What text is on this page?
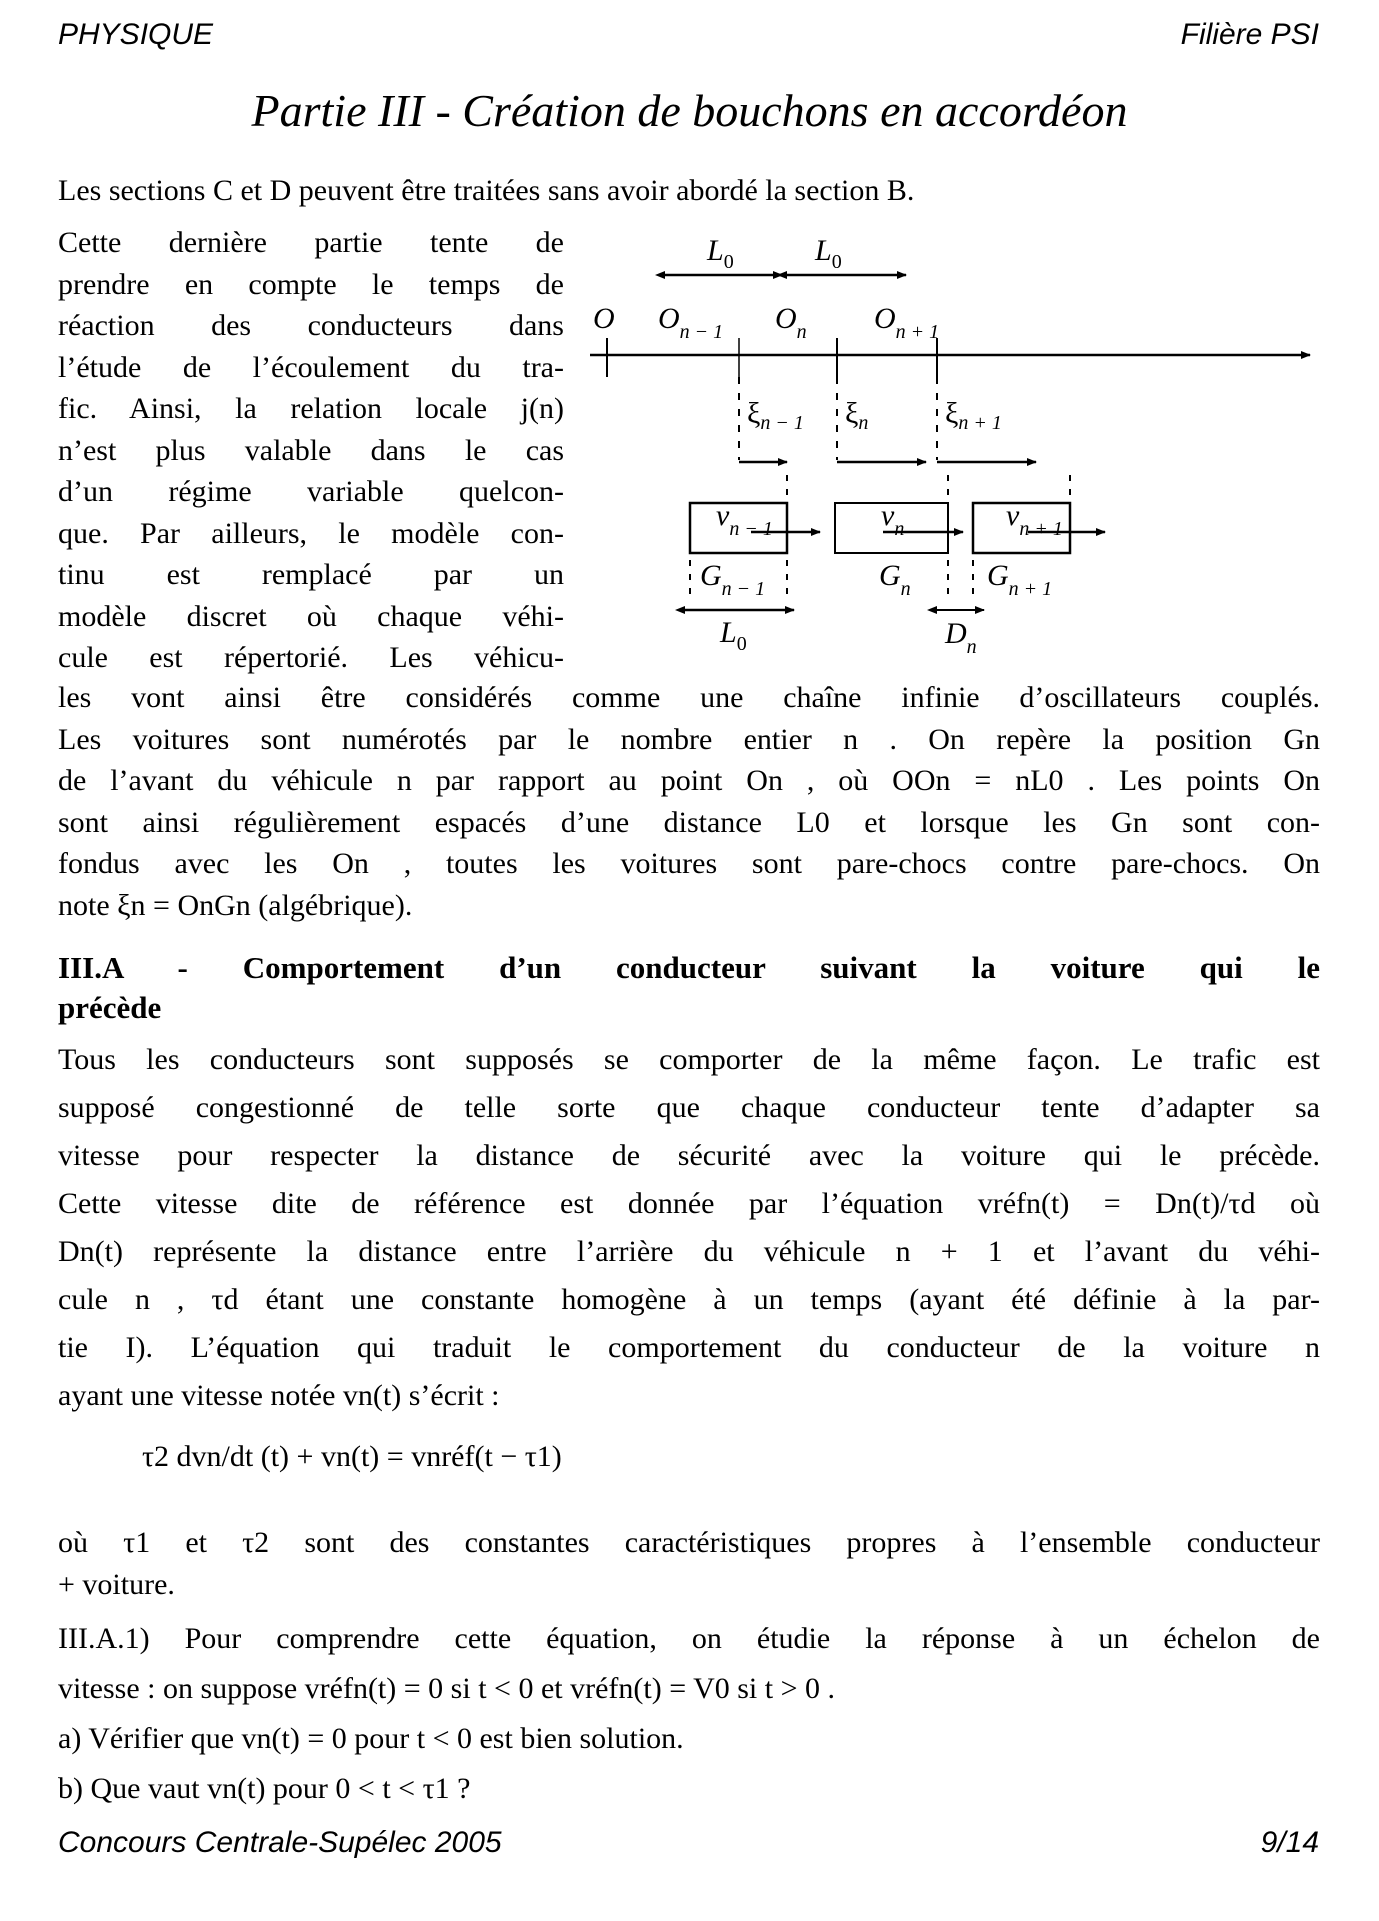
PHYSIQUE	Filière PSI
Partie III - Création de bouchons en accordéon
Les sections C et D peuvent être traitées sans avoir abordé la section B.
Cette dernière partie tente de
prendre en compte le temps de
réaction des conducteurs dans
l’étude de l’écoulement du tra-
fic. Ainsi, la relation locale j(n)
n’est plus valable dans le cas
d’un régime variable quelcon-
que. Par ailleurs, le modèle con-
tinu est remplacé par un
modèle discret où chaque véhi-
cule est répertorié. Les véhicu-
$L_0$	$L_0$
O $O_{n - 1}$ $O_n$ $O_{n + 1}$
$\xi_{n - 1}$ $\xi_n$	$\xi_{n + 1}$
$v_{n - 1}$	$v_n$	$v_{n + 1}$
$G_{n - 1}$	$G_n$	$G_{n + 1}$
$L_0$	$D_n$
les vont ainsi être considérés comme une chaîne infinie d’oscillateurs couplés.
Les voitures sont numérotés par le nombre entier n . On repère la position Gn
de l’avant du véhicule n par rapport au point On , où OOn = nL0 . Les points On
sont ainsi régulièrement espacés d’une distance L0 et lorsque les Gn sont con-
fondus avec les On , toutes les voitures sont pare-chocs contre pare-chocs. On
note ξn = OnGn (algébrique).
III.A - Comportement d’un conducteur suivant la voiture qui le
précède
Tous les conducteurs sont supposés se comporter de la même façon. Le trafic est
supposé congestionné de telle sorte que chaque conducteur tente d’adapter sa
vitesse pour respecter la distance de sécurité avec la voiture qui le précède.
Cette vitesse dite de référence est donnée par l’équation vréfn(t) = Dn(t)/τd où
Dn(t) représente la distance entre l’arrière du véhicule n + 1 et l’avant du véhi-
cule n , τd étant une constante homogène à un temps (ayant été définie à la par-
tie I). L’équation qui traduit le comportement du conducteur de la voiture n
ayant une vitesse notée vn(t) s’écrit :
τ2 dvn/dt (t) + vn(t) = vnréf(t − τ1)
où τ1 et τ2 sont des constantes caractéristiques propres à l’ensemble conducteur
+ voiture.
III.A.1) Pour comprendre cette équation, on étudie la réponse à un échelon de
vitesse : on suppose vréfn(t) = 0 si t < 0 et vréfn(t) = V0 si t > 0 .
a) Vérifier que vn(t) = 0 pour t < 0 est bien solution.
b) Que vaut vn(t) pour 0 < t < τ1 ?
Concours Centrale-Supélec 2005	9/14
